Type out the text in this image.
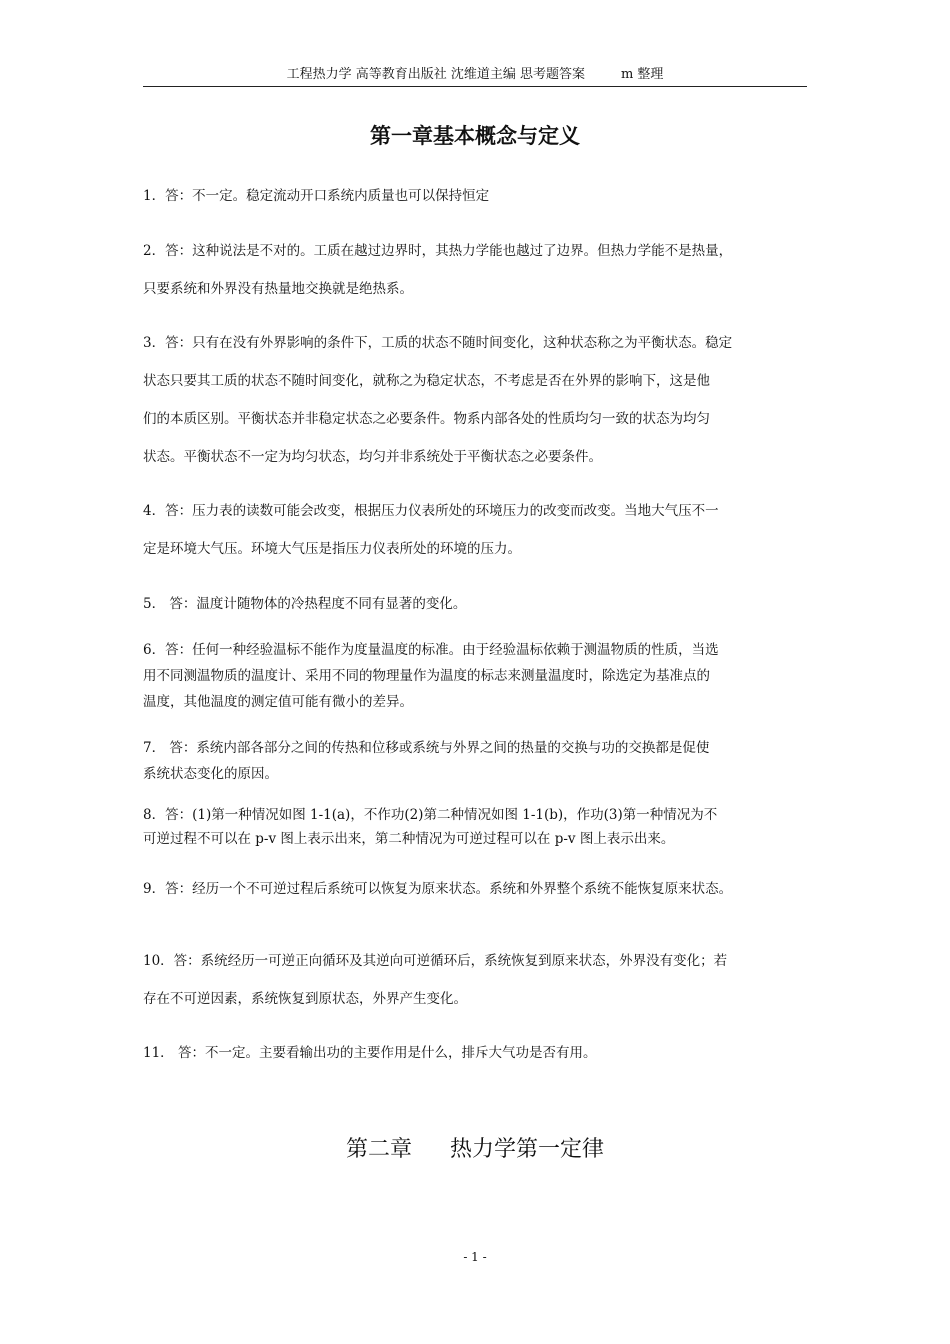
工程热力学 高等教育出版社 沈维道主编 思考题答案	m 整理
第一章基本概念与定义

1．答：不一定。稳定流动开口系统内质量也可以保持恒定

2．答：这种说法是不对的。工质在越过边界时，其热力学能也越过了边界。但热力学能不是热量，
只要系统和外界没有热量地交换就是绝热系。

3．答：只有在没有外界影响的条件下，工质的状态不随时间变化，这种状态称之为平衡状态。稳定
状态只要其工质的状态不随时间变化，就称之为稳定状态，不考虑是否在外界的影响下，这是他
们的本质区别。平衡状态并非稳定状态之必要条件。物系内部各处的性质均匀一致的状态为均匀
状态。平衡状态不一定为均匀状态，均匀并非系统处于平衡状态之必要条件。

4．答：压力表的读数可能会改变，根据压力仪表所处的环境压力的改变而改变。当地大气压不一
定是环境大气压。环境大气压是指压力仪表所处的环境的压力。

5． 答：温度计随物体的冷热程度不同有显著的变化。

6．答：任何一种经验温标不能作为度量温度的标准。由于经验温标依赖于测温物质的性质，当选
用不同测温物质的温度计、采用不同的物理量作为温度的标志来测量温度时，除选定为基准点的
温度，其他温度的测定值可能有微小的差异。

7． 答：系统内部各部分之间的传热和位移或系统与外界之间的热量的交换与功的交换都是促使
系统状态变化的原因。

8．答：(1)第一种情况如图 1-1(a)，不作功(2)第二种情况如图 1-1(b)，作功(3)第一种情况为不
可逆过程不可以在 p-v 图上表示出来，第二种情况为可逆过程可以在 p-v 图上表示出来。

9．答：经历一个不可逆过程后系统可以恢复为原来状态。系统和外界整个系统不能恢复原来状态。

10．答：系统经历一可逆正向循环及其逆向可逆循环后，系统恢复到原来状态，外界没有变化；若
存在不可逆因素，系统恢复到原状态，外界产生变化。

11． 答：不一定。主要看输出功的主要作用是什么，排斥大气功是否有用。

第二章 热力学第一定律
- 1 -
